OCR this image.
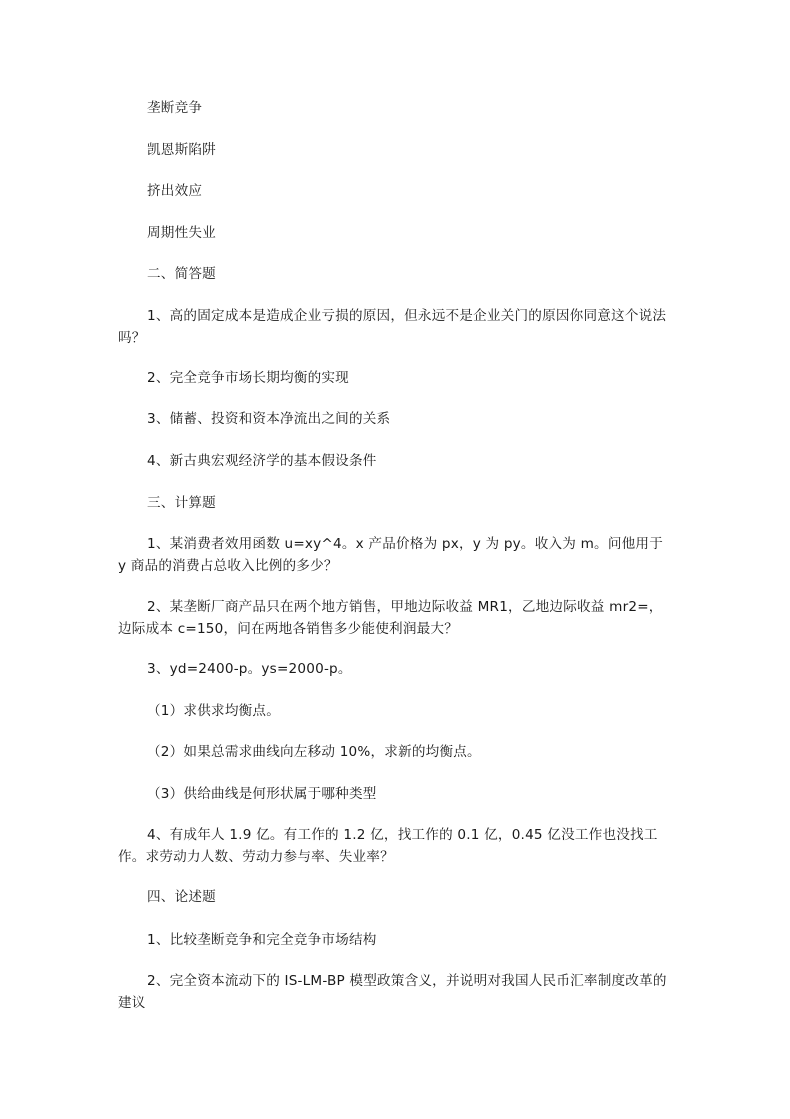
垄断竞争

凯恩斯陷阱

挤出效应

周期性失业

二、简答题

1、高的固定成本是造成企业亏损的原因，但永远不是企业关门的原因你同意这个说法吗？

2、完全竞争市场长期均衡的实现

3、储蓄、投资和资本净流出之间的关系

4、新古典宏观经济学的基本假设条件

三、计算题

1、某消费者效用函数 u=xy^4。x 产品价格为 px，y 为 py。收入为 m。问他用于 y 商品的消费占总收入比例的多少？

2、某垄断厂商产品只在两个地方销售，甲地边际收益 MR1，乙地边际收益 mr2=，边际成本 c=150，问在两地各销售多少能使利润最大？

3、yd=2400-p。ys=2000-p。

（1）求供求均衡点。

（2）如果总需求曲线向左移动 10%，求新的均衡点。

（3）供给曲线是何形状属于哪种类型

4、有成年人 1.9 亿。有工作的 1.2 亿，找工作的 0.1 亿，0.45 亿没工作也没找工作。求劳动力人数、劳动力参与率、失业率？

四、论述题

1、比较垄断竞争和完全竞争市场结构

2、完全资本流动下的 IS-LM-BP 模型政策含义，并说明对我国人民币汇率制度改革的建议
